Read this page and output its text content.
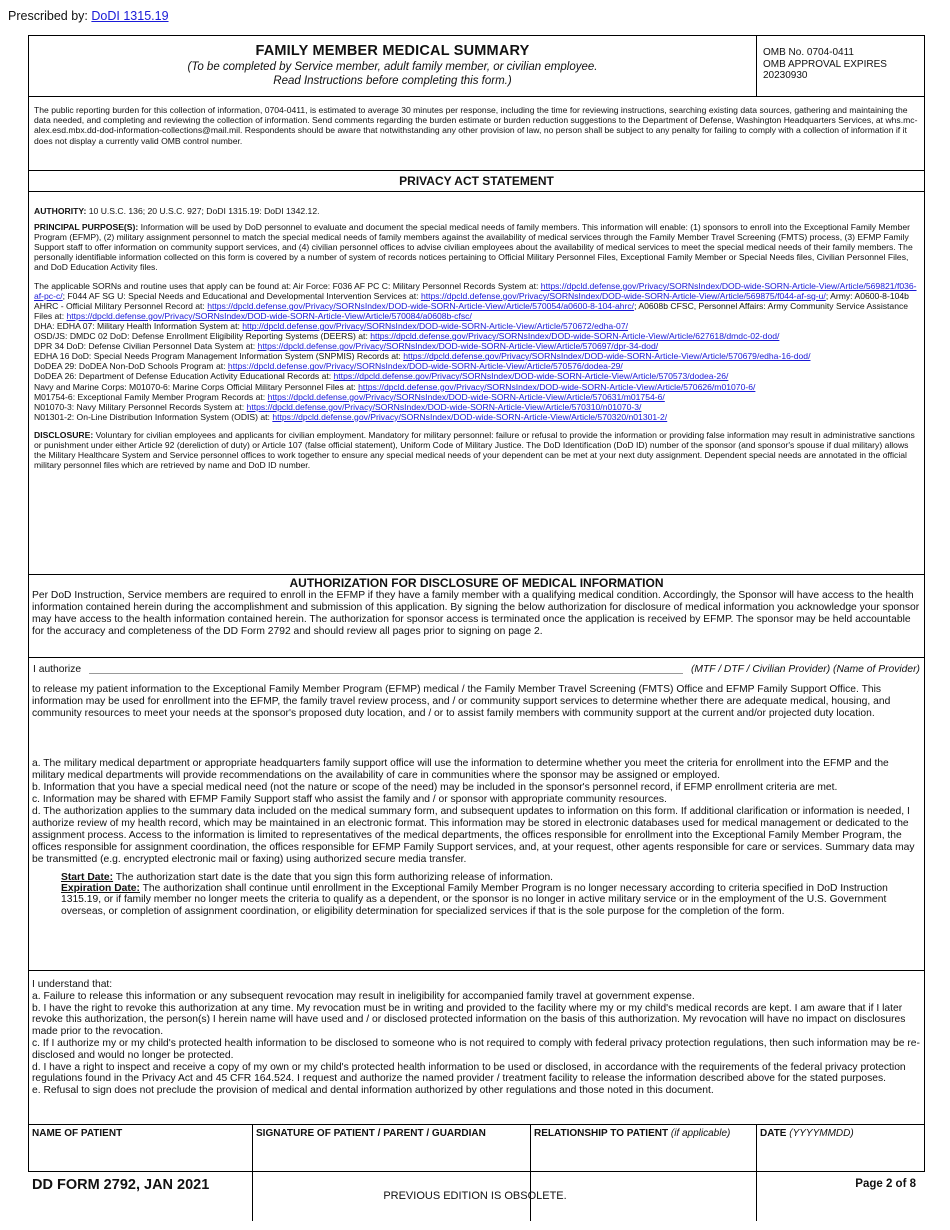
Prescribed by: DoDI 1315.19
FAMILY MEMBER MEDICAL SUMMARY
(To be completed by Service member, adult family member, or civilian employee.
Read Instructions before completing this form.)
OMB No. 0704-0411
OMB APPROVAL EXPIRES
20230930
The public reporting burden for this collection of information, 0704-0411, is estimated to average 30 minutes per response, including the time for reviewing instructions, searching existing data sources, gathering and maintaining the data needed, and completing and reviewing the collection of information. Send comments regarding the burden estimate or burden reduction suggestions to the Department of Defense, Washington Headquarters Services, at whs.mc-alex.esd.mbx.dd-dod-information-collections@mail.mil. Respondents should be aware that notwithstanding any other provision of law, no person shall be subject to any penalty for failing to comply with a collection of information if it does not display a currently valid OMB control number.
PRIVACY ACT STATEMENT

AUTHORITY: 10 U.S.C. 136; 20 U.S.C. 927; DoDI 1315.19: DoDI 1342.12.

PRINCIPAL PURPOSE(S): Information will be used by DoD personnel to evaluate and document the special medical needs of family members. This information will enable: (1) sponsors to enroll into the Exceptional Family Member Program (EFMP), (2) military assignment personnel to match the special medical needs of family members against the availability of medical services through the Family Member Travel Screening (FMTS) process, (3) EFMP Family Support staff to offer information on community support services, and (4) civilian personnel offices to advise civilian employees about the availability of medical services to meet the special medical needs of their family members. The personally identifiable information collected on this form is covered by a number of system of records notices pertaining to Official Military Personnel Files, Exceptional Family Member or Special Needs files, Civilian Personnel Files, and DoD Education Activity files.

The applicable SORNs and routine uses that apply can be found at: Air Force: F036 AF PC C: Military Personnel Records System at: https://dpcld.defense.gov/Privacy/SORNsIndex/DOD-wide-SORN-Article-View/Article/569821/f036-af-pc-c/; F044 AF SG U: Special Needs and Educational and Developmental Intervention Services at: https://dpcld.defense.gov/Privacy/SORNsIndex/DOD-wide-SORN-Article-View/Article/569875/f044-af-sg-u/; Army: A0600-8-104b AHRC - Official Military Personnel Record at: https://dpcld.defense.gov/Privacy/SORNsIndex/DOD-wide-SORN-Article-View/Article/570054/a0600-8-104-ahrc/; A0608b CFSC, Personnel Affairs: Army Community Service Assistance Files at: https://dpcld.defense.gov/Privacy/SORNsIndex/DOD-wide-SORN-Article-View/Article/570084/a0608b-cfsc/

DHA: EDHA 07: Military Health Information System at: http://dpcld.defense.gov/Privacy/SORNsIndex/DOD-wide-SORN-Article-View/Article/570672/edha-07/

OSD/JS: DMDC 02 DoD: Defense Enrollment Eligibility Reporting Systems (DEERS) at: https://dpcld.defense.gov/Privacy/SORNsIndex/DOD-wide-SORN-Article-View/Article/627618/dmdc-02-dod/

DPR 34 DoD: Defense Civilian Personnel Data System at: https://dpcld.defense.gov/Privacy/SORNsIndex/DOD-wide-SORN-Article-View/Article/570697/dpr-34-dod/

EDHA 16 DoD: Special Needs Program Management Information System (SNPMIS) Records at: https://dpcld.defense.gov/Privacy/SORNsIndex/DOD-wide-SORN-Article-View/Article/570679/edha-16-dod/

DoDEA 29: DoDEA Non-DoD Schools Program at: https://dpcld.defense.gov/Privacy/SORNsIndex/DOD-wide-SORN-Article-View/Article/570576/dodea-29/

DoDEA 26: Department of Defense Education Activity Educational Records at: https://dpcld.defense.gov/Privacy/SORNsIndex/DOD-wide-SORN-Article-View/Article/570573/dodea-26/

Navy and Marine Corps: M01070-6: Marine Corps Official Military Personnel Files at: https://dpcld.defense.gov/Privacy/SORNsIndex/DOD-wide-SORN-Article-View/Article/570626/m01070-6/

M01754-6: Exceptional Family Member Program Records at: https://dpcld.defense.gov/Privacy/SORNsIndex/DOD-wide-SORN-Article-View/Article/570631/m01754-6/

N01070-3: Navy Military Personnel Records System at: https://dpcld.defense.gov/Privacy/SORNsIndex/DOD-wide-SORN-Article-View/Article/570310/n01070-3/

N01301-2: On-Line Distribution Information System (ODIS) at: https://dpcld.defense.gov/Privacy/SORNsIndex/DOD-wide-SORN-Article-View/Article/570320/n01301-2/

DISCLOSURE: Voluntary for civilian employees and applicants for civilian employment. Mandatory for military personnel: failure or refusal to provide the information or providing false information may result in administrative sanctions or punishment under either Article 92 (dereliction of duty) or Article 107 (false official statement), Uniform Code of Military Justice. The DoD Identification (DoD ID) number of the sponsor (and sponsor's spouse if dual military) allows the Military Healthcare System and Service personnel offices to work together to ensure any special medical needs of your dependent can be met at your next duty assignment. Dependent special needs are annotated in the official military personnel files which are retrieved by name and DoD ID number.

AUTHORIZATION FOR DISCLOSURE OF MEDICAL INFORMATION
Per DoD Instruction, Service members are required to enroll in the EFMP if they have a family member with a qualifying medical condition. Accordingly, the Sponsor will have access to the health information contained herein during the accomplishment and submission of this application. By signing the below authorization for disclosure of medical information you acknowledge your sponsor may have access to the health information contained herein. The authorization for sponsor access is terminated once the application is received by EFMP. The sponsor may be held accountable for the accuracy and completeness of the DD Form 2792 and should review all pages prior to signing on page 2.
I authorize	(MTF / DTF / Civilian Provider) (Name of Provider)

to release my patient information to the Exceptional Family Member Program (EFMP) medical / the Family Member Travel Screening (FMTS) Office and EFMP Family Support Office. This information may be used for enrollment into the EFMP, the family travel review process, and / or community support services to determine whether there are adequate medical, housing, and community resources to meet your needs at the sponsor's proposed duty location, and / or to assist family members with community support at the current and/or projected duty location.

a. The military medical department or appropriate headquarters family support office will use the information to determine whether you meet the criteria for enrollment into the EFMP and the military medical departments will provide recommendations on the availability of care in communities where the sponsor may be assigned or employed.

b. Information that you have a special medical need (not the nature or scope of the need) may be included in the sponsor's personnel record, if EFMP enrollment criteria are met.

c. Information may be shared with EFMP Family Support staff who assist the family and / or sponsor with appropriate community resources.

d. The authorization applies to the summary data included on the medical summary form, and subsequent updates to information on this form. If additional clarification or information is needed, I authorize review of my health record, which may be maintained in an electronic format. This information may be stored in electronic databases used for medical management or dedicated to the assignment process. Access to the information is limited to representatives of the medical departments, the offices responsible for enrollment into the Exceptional Family Member Program, the offices responsible for assignment coordination, the offices responsible for EFMP Family Support services, and, at your request, other agents responsible for care or services. Summary data may be transmitted (e.g. encrypted electronic mail or faxing) using authorized secure media transfer.

Start Date: The authorization start date is the date that you sign this form authorizing release of information.
Expiration Date: The authorization shall continue until enrollment in the Exceptional Family Member Program is no longer necessary according to criteria specified in DoD Instruction 1315.19, or if family member no longer meets the criteria to qualify as a dependent, or the sponsor is no longer in active military service or in the employment of the U.S. Government overseas, or completion of assignment coordination, or eligibility determination for specialized services if that is the sole purpose for the completion of the form.

I understand that:

a. Failure to release this information or any subsequent revocation may result in ineligibility for accompanied family travel at government expense.

b. I have the right to revoke this authorization at any time. My revocation must be in writing and provided to the facility where my or my child's medical records are kept. I am aware that if I later revoke this authorization, the person(s) I herein name will have used and / or disclosed protected information on the basis of this authorization. My revocation will have no impact on disclosures made prior to the revocation.

c. If I authorize my or my child's protected health information to be disclosed to someone who is not required to comply with federal privacy protection regulations, then such information may be re-disclosed and would no longer be protected.

d. I have a right to inspect and receive a copy of my own or my child's protected health information to be used or disclosed, in accordance with the requirements of the federal privacy protection regulations found in the Privacy Act and 45 CFR 164.524. I request and authorize the named provider / treatment facility to release the information described above for the stated purposes.

e. Refusal to sign does not preclude the provision of medical and dental information authorized by other regulations and those noted in this document.

NAME OF PATIENT	SIGNATURE OF PATIENT / PARENT / GUARDIAN	RELATIONSHIP TO PATIENT (if applicable)	DATE (YYYYMMDD)
DD FORM 2792, JAN 2021
PREVIOUS EDITION IS OBSOLETE.
Page 2 of 8
